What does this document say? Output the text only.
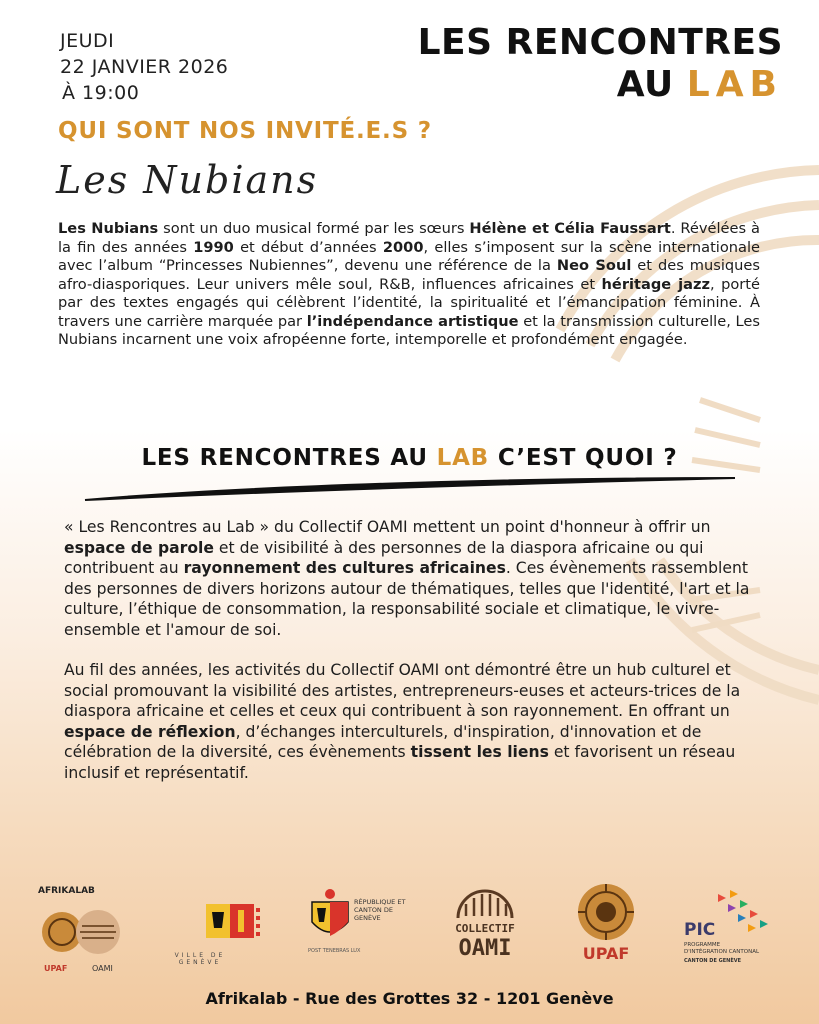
JEUDI
22 JANVIER 2026
À 19:00
LES RENCONTRES
AU LAB
QUI SONT NOS INVITÉ.E.S ?
Les Nubians
Les Nubians sont un duo musical formé par les sœurs Hélène et Célia Faussart. Révélées à la fin des années 1990 et début d’années 2000, elles s’imposent sur la scène internationale avec l’album “Princesses Nubiennes”, devenu une référence de la Neo Soul et des musiques afro-diasporiques. Leur univers mêle soul, R&B, influences africaines et héritage jazz, porté par des textes engagés qui célèbrent l’identité, la spiritualité et l’émancipation féminine. À travers une carrière marquée par l’indépendance artistique et la transmission culturelle, Les Nubians incarnent une voix afropéenne forte, intemporelle et profondément engagée.
LES RENCONTRES AU LAB C’EST QUOI ?

« Les Rencontres au Lab » du Collectif OAMI mettent un point d'honneur à offrir un espace de parole et de visibilité à des personnes de la diaspora africaine ou qui contribuent au rayonnement des cultures africaines. Ces évènements rassemblent des personnes de divers horizons autour de thématiques, telles que l'identité, l'art et la culture, l’éthique de consommation, la responsabilité sociale et climatique, le vivre-ensemble et l'amour de soi.

Au fil des années, les activités du Collectif OAMI ont démontré être un hub culturel et social promouvant la visibilité des artistes, entrepreneurs-euses et acteurs-trices de la diaspora africaine et celles et ceux qui contribuent à son rayonnement. En offrant un espace de réflexion, d’échanges interculturels, d'inspiration, d'innovation et de célébration de la diversité, ces évènements tissent les liens et favorisent un réseau inclusif et représentatif.

AFRIKALAB
UPAF	OAMI
VILLE DE GENÈVE
RÉPUBLIQUE ET CANTON DE GENÈVE
POST TENEBRAS LUX
COLLECTIF
OAMI	UPAF
PIC
PROGRAMME
D'INTÉGRATION CANTONAL
CANTON DE GENÈVE
Afrikalab - Rue des Grottes 32 - 1201 Genève
